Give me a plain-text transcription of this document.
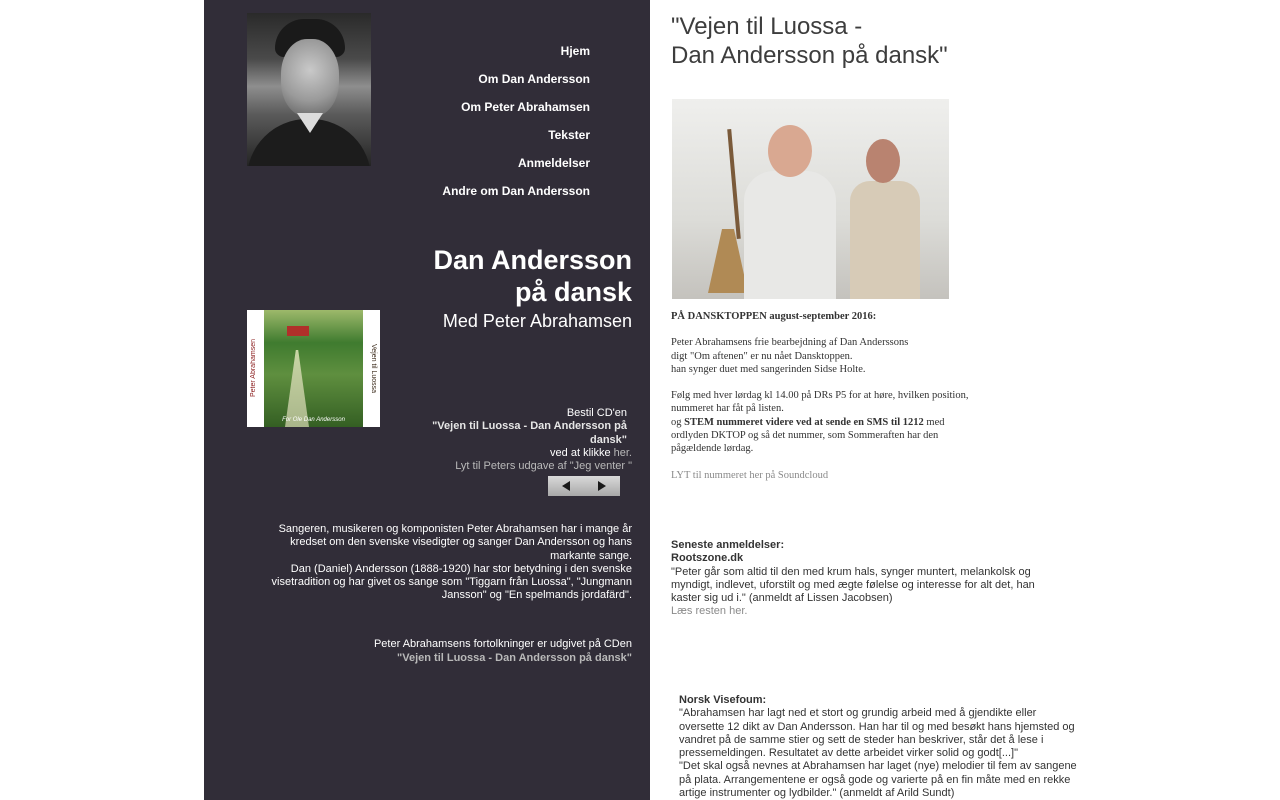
Hjem
Om Dan Andersson
Om Peter Abrahamsen
Tekster
Anmeldelser
Andre om Dan Andersson
Dan Andersson
på dansk
Med Peter Abrahamsen
Peter Abrahamsen	Vejen til Luossa
For Ole Dan Andersson
Bestil CD'en
"Vejen til Luossa - Dan Andersson på dansk"
ved at klikke her.
Lyt til Peters udgave af "Jeg venter "
Sangeren, musikeren og komponisten Peter Abrahamsen har i mange år kredset om den svenske visedigter og sanger Dan Andersson og hans markante sange.
Dan (Daniel) Andersson (1888-1920) har stor betydning i den svenske visetradition og har givet os sange som "Tiggarn från Luossa", "Jungmann Jansson" og "En spelmands jordafärd".
Peter Abrahamsens fortolkninger er udgivet på CDen
"Vejen til Luossa - Dan Andersson på dansk"
"Vejen til Luossa -
Dan Andersson på dansk"

PÅ DANSKTOPPEN august-september 2016:

Peter Abrahamsens frie bearbejdning af Dan Anderssons
digt "Om aftenen" er nu nået Dansktoppen.
han synger duet med sangerinden Sidse Holte.

Følg med hver lørdag kl 14.00 på DRs P5 for at høre, hvilken position, nummeret har fåt på listen.
og STEM nummeret videre ved at sende en SMS til 1212 med ordlyden DKTOP og så det nummer, som Sommeraften har den pågældende lørdag.

LYT til nummeret her på Soundcloud

Seneste anmeldelser:
Rootszone.dk
"Peter går som altid til den med krum hals, synger muntert, melankolsk og myndigt, indlevet, uforstilt og med ægte følelse og interesse for alt det, han kaster sig ud i." (anmeldt af Lissen Jacobsen)
Læs resten her.
Norsk Visefoum:
"Abrahamsen har lagt ned et stort og grundig arbeid med å gjendikte eller oversette 12 dikt av Dan Andersson. Han har til og med besøkt hans hjemsted og vandret på de samme stier og sett de steder han beskriver, står det å lese i pressemeldingen. Resultatet av dette arbeidet virker solid og godt[...]"
"Det skal også nevnes at Abrahamsen har laget (nye) melodier til fem av sangene på plata. Arrangementene er også gode og varierte på en fin måte med en rekke artige instrumenter og lydbilder." (anmeldt af Arild Sundt)
